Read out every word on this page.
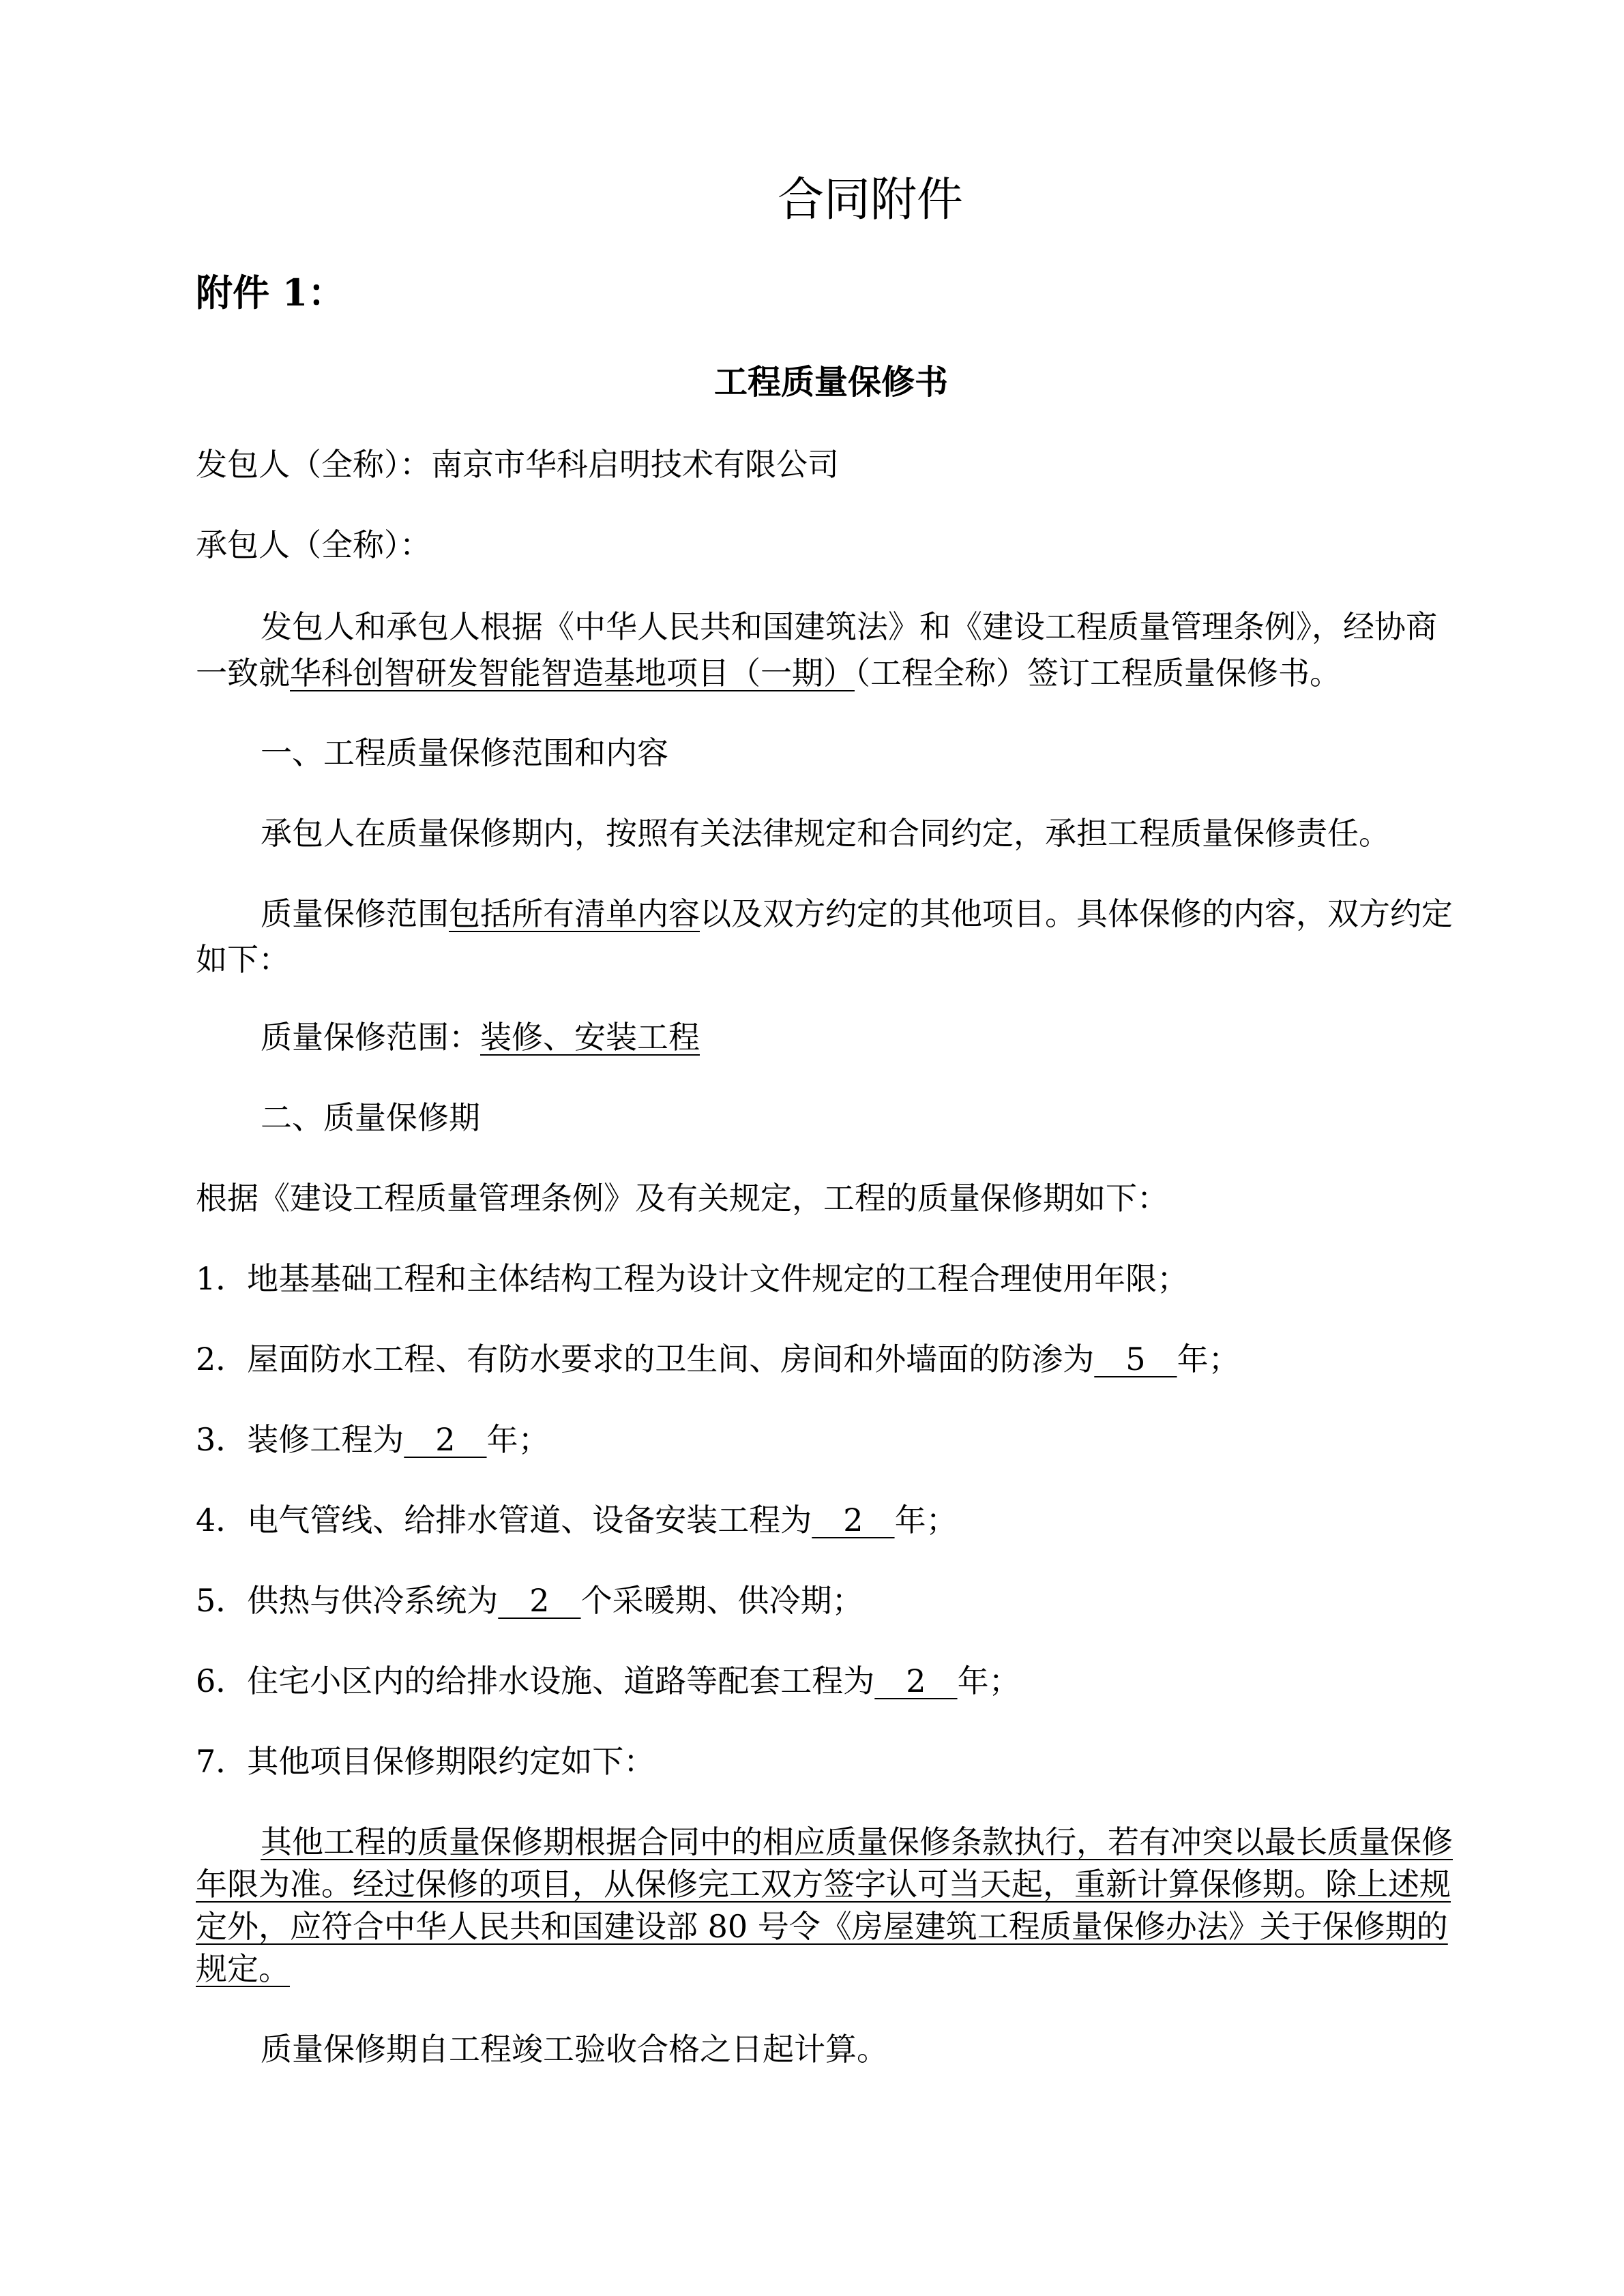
合同附件
附件 1：
工程质量保修书
发包人（全称）：南京市华科启明技术有限公司
承包人（全称）：
发包人和承包人根据《中华人民共和国建筑法》和《建设工程质量管理条例》，经协商
一致就华科创智研发智能智造基地项目（一期）（工程全称）签订工程质量保修书。
一、工程质量保修范围和内容
承包人在质量保修期内，按照有关法律规定和合同约定，承担工程质量保修责任。
质量保修范围包括所有清单内容以及双方约定的其他项目。具体保修的内容，双方约定
如下：
质量保修范围：装修、安装工程
二、质量保修期
根据《建设工程质量管理条例》及有关规定，工程的质量保修期如下：
1．地基基础工程和主体结构工程为设计文件规定的工程合理使用年限；
2．屋面防水工程、有防水要求的卫生间、房间和外墙面的防渗为　5　年；
3．装修工程为　2　年；
4．电气管线、给排水管道、设备安装工程为　2　年；
5．供热与供冷系统为　2　个采暖期、供冷期；
6．住宅小区内的给排水设施、道路等配套工程为　2　年；
7．其他项目保修期限约定如下：
其他工程的质量保修期根据合同中的相应质量保修条款执行，若有冲突以最长质量保修
年限为准。经过保修的项目，从保修完工双方签字认可当天起，重新计算保修期。除上述规
定外，应符合中华人民共和国建设部 80 号令《房屋建筑工程质量保修办法》关于保修期的
规定。
质量保修期自工程竣工验收合格之日起计算。
